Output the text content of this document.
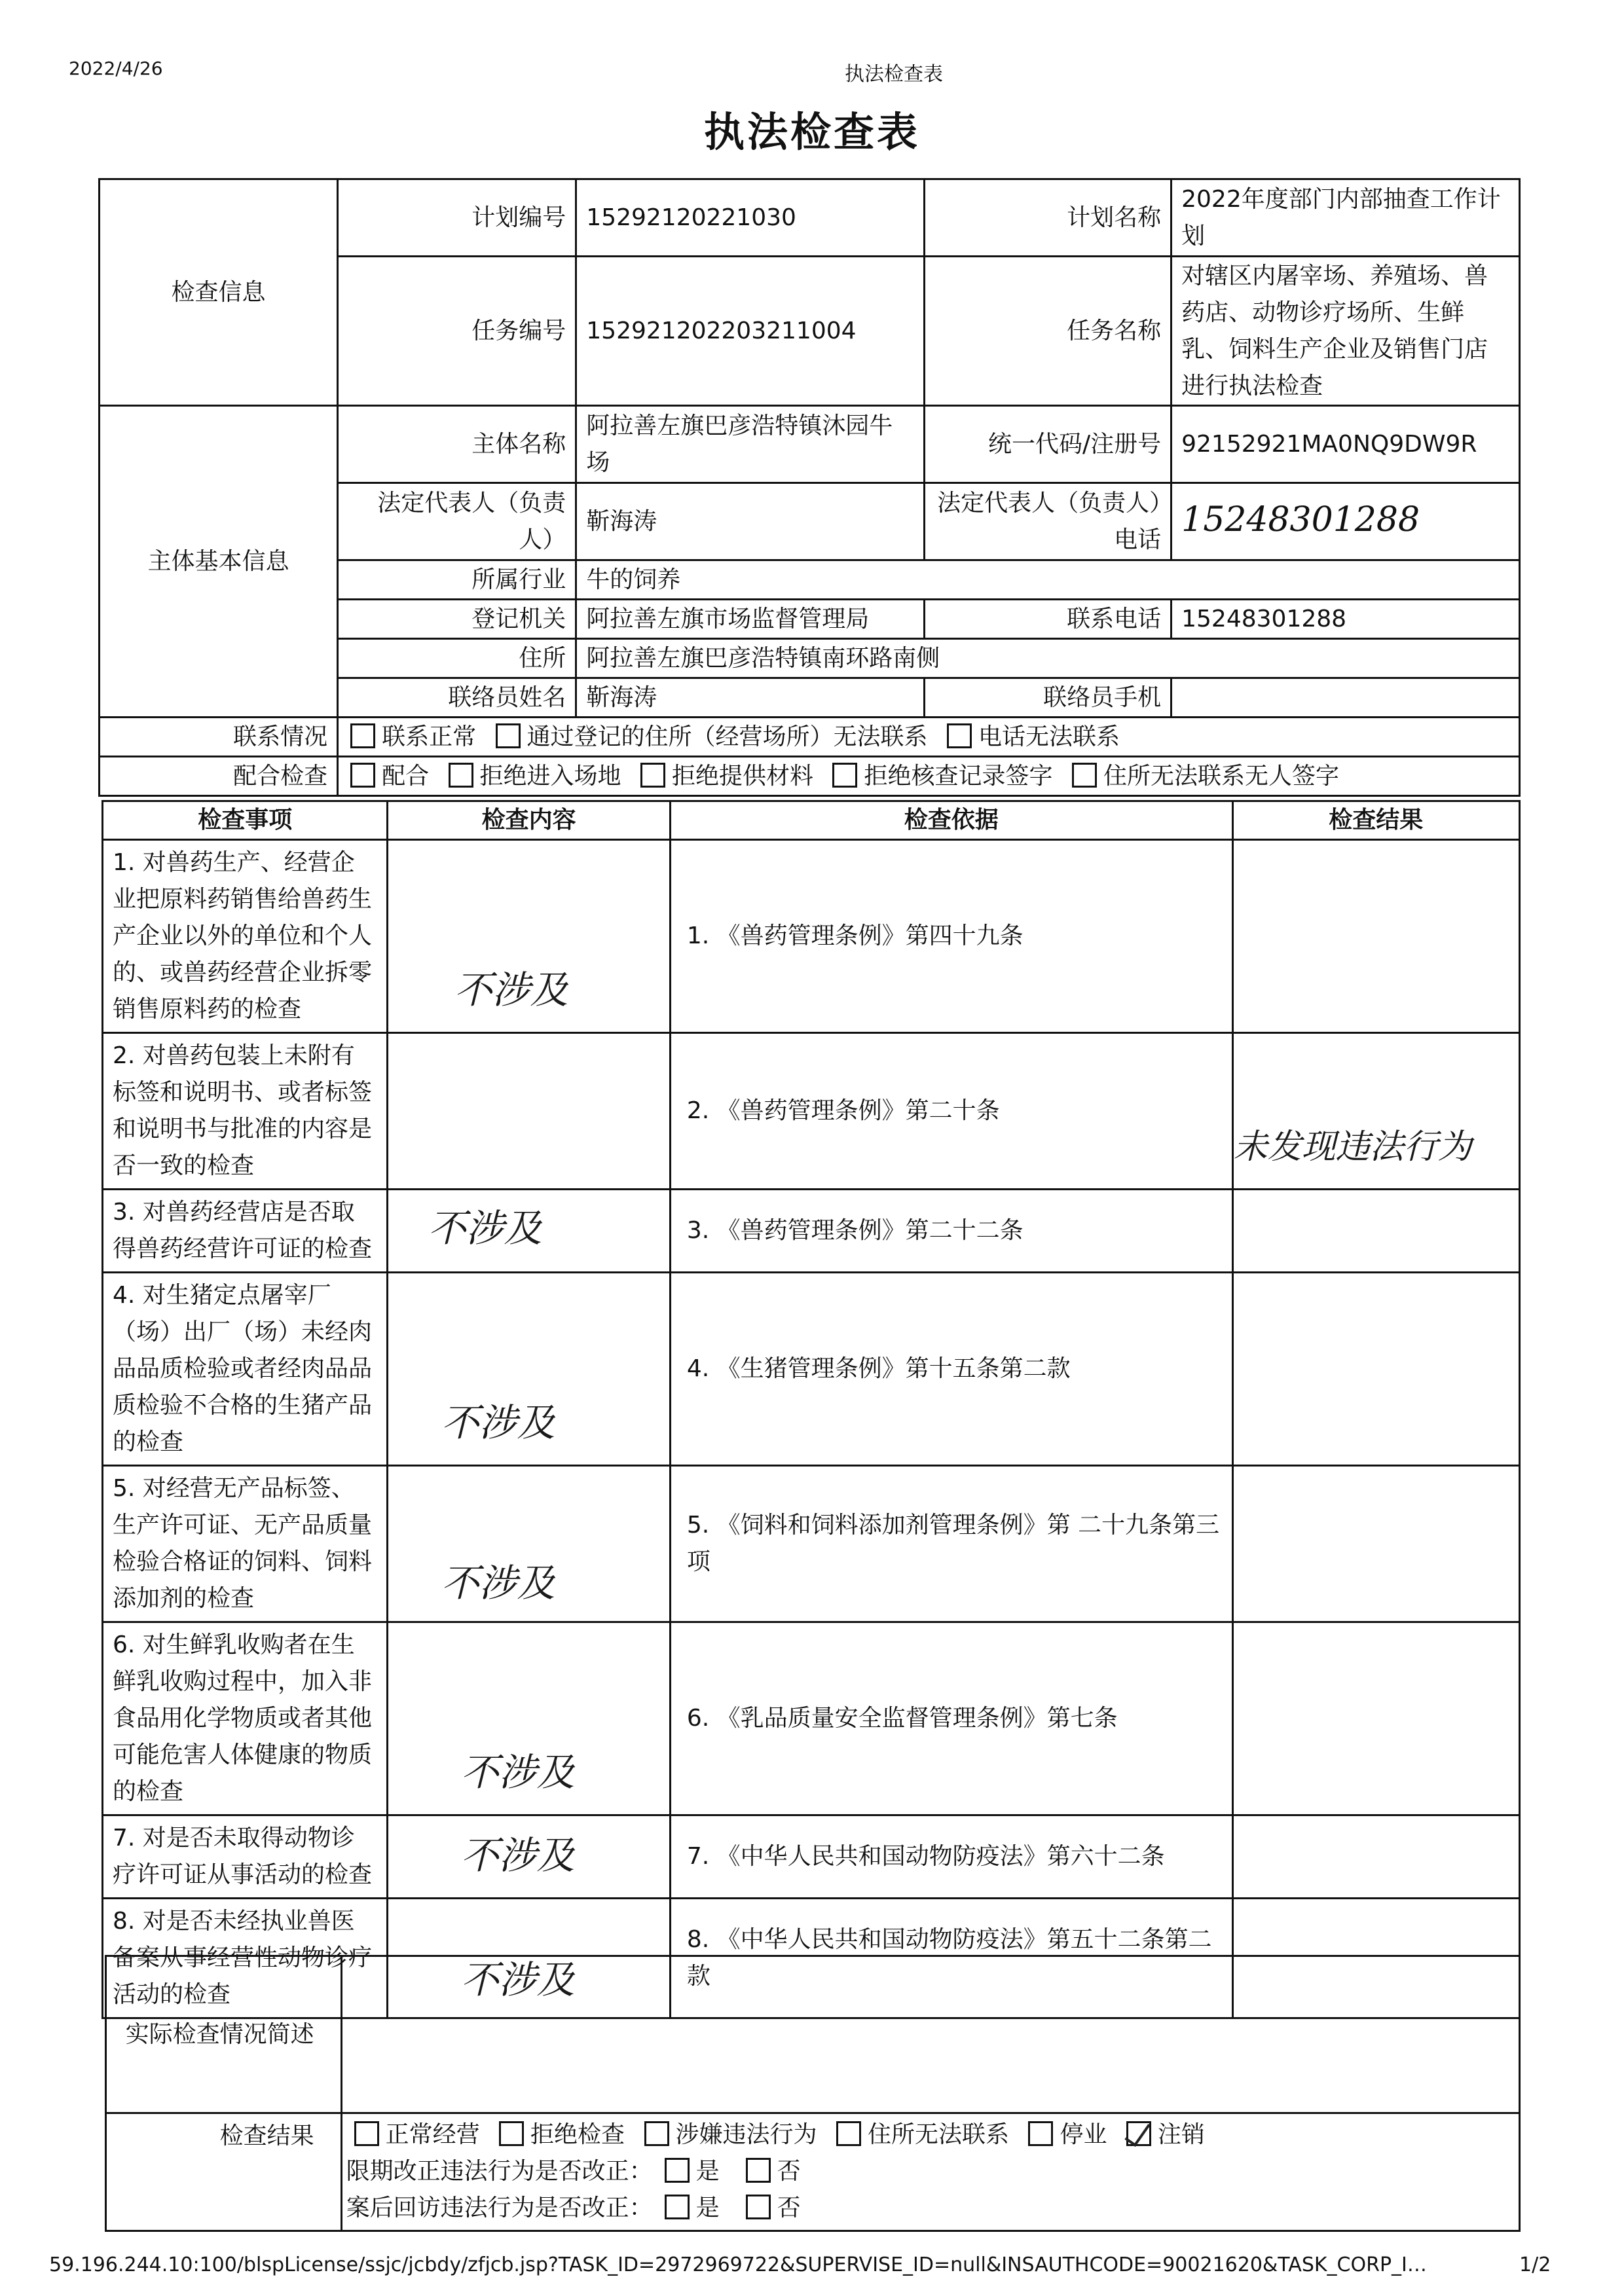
2022/4/26	执法检查表
执法检查表
检查信息	计划编号	15292120221030	计划名称	2022年度部门内部抽查工作计划
	任务编号	152921202203211004	任务名称	对辖区内屠宰场、养殖场、兽药店、动物诊疗场所、生鲜乳、饲料生产企业及销售门店进行执法检查
主体基本信息	主体名称	阿拉善左旗巴彦浩特镇沐园牛场	统一代码/注册号	92152921MA0NQ9DW9R
	法定代表人（负责人）	靳海涛	法定代表人（负责人）电话	15248301288
	所属行业	牛的饲养		
	登记机关	阿拉善左旗市场监督管理局	联系电话	15248301288
	住所	阿拉善左旗巴彦浩特镇南环路南侧		
	联络员姓名	靳海涛	联络员手机	
联系情况	联系正常 通过登记的住所（经营场所）无法联系 电话无法联系			
配合检查	配合 拒绝进入场地 拒绝提供材料 拒绝核查记录签字 住所无法联系无人签字			
检查事项	检查内容	检查依据	检查结果
1. 对兽药生产、经营企业把原料药销售给兽药生产企业以外的单位和个人的、或兽药经营企业拆零销售原料药的检查	不涉及	1. 《兽药管理条例》第四十九条	
2. 对兽药包装上未附有标签和说明书、或者标签和说明书与批准的内容是否一致的检查		2. 《兽药管理条例》第二十条	未发现违法行为

3. 对兽药经营店是否取得兽药经营许可证的检查	不涉及	3. 《兽药管理条例》第二十二条	
4. 对生猪定点屠宰厂（场）出厂（场）未经肉品品质检验或者经肉品品质检验不合格的生猪产品的检查	不涉及	4. 《生猪管理条例》第十五条第二款	
5. 对经营无产品标签、生产许可证、无产品质量检验合格证的饲料、饲料添加剂的检查	不涉及	5. 《饲料和饲料添加剂管理条例》第 二十九条第三项	
6. 对生鲜乳收购者在生鲜乳收购过程中，加入非食品用化学物质或者其他可能危害人体健康的物质的检查	不涉及	6. 《乳品质量安全监督管理条例》第七条	
7. 对是否未取得动物诊疗许可证从事活动的检查	不涉及	7. 《中华人民共和国动物防疫法》第六十二条	
8. 对是否未经执业兽医备案从事经营性动物诊疗活动的检查	不涉及	8. 《中华人民共和国动物防疫法》第五十二条第二款	
实际检查情况简述	
检查结果	正常经营 拒绝检查 涉嫌违法行为 住所无法联系 停业 注销
限期改正违法行为是否改正： 是 否
案后回访违法行为是否改正： 是 否
59.196.244.10:100/blspLicense/ssjc/jcbdy/zfjcb.jsp?TASK_ID=2972969722&SUPERVISE_ID=null&INSAUTHCODE=90021620&TASK_CORP_I…	1/2
